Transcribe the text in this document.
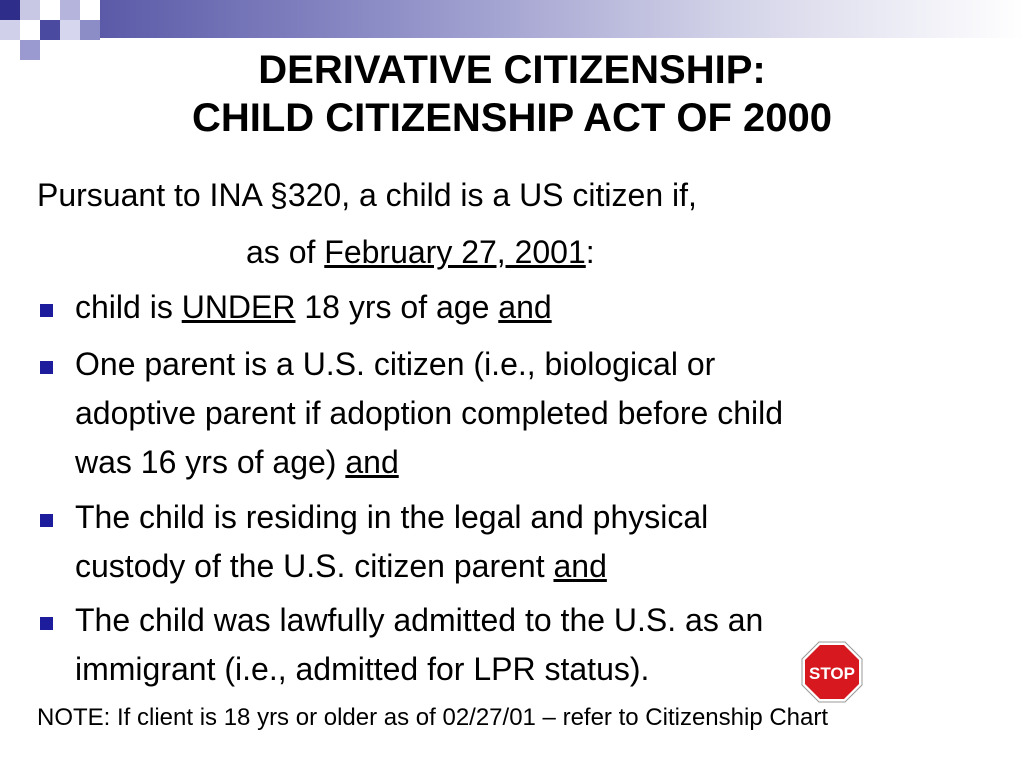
DERIVATIVE CITIZENSHIP:
CHILD CITIZENSHIP ACT OF 2000
Pursuant to INA §320, a child is a US citizen if,
as of February 27, 2001:
child is UNDER 18 yrs of age and
One parent is a U.S. citizen (i.e., biological or
adoptive parent if adoption completed before child
was 16 yrs of age) and
The child is residing in the legal and physical
custody of the U.S. citizen parent and
The child was lawfully admitted to the U.S. as an
immigrant (i.e., admitted for LPR status).	STOP
NOTE: If client is 18 yrs or older as of 02/27/01 – refer to Citizenship Chart
